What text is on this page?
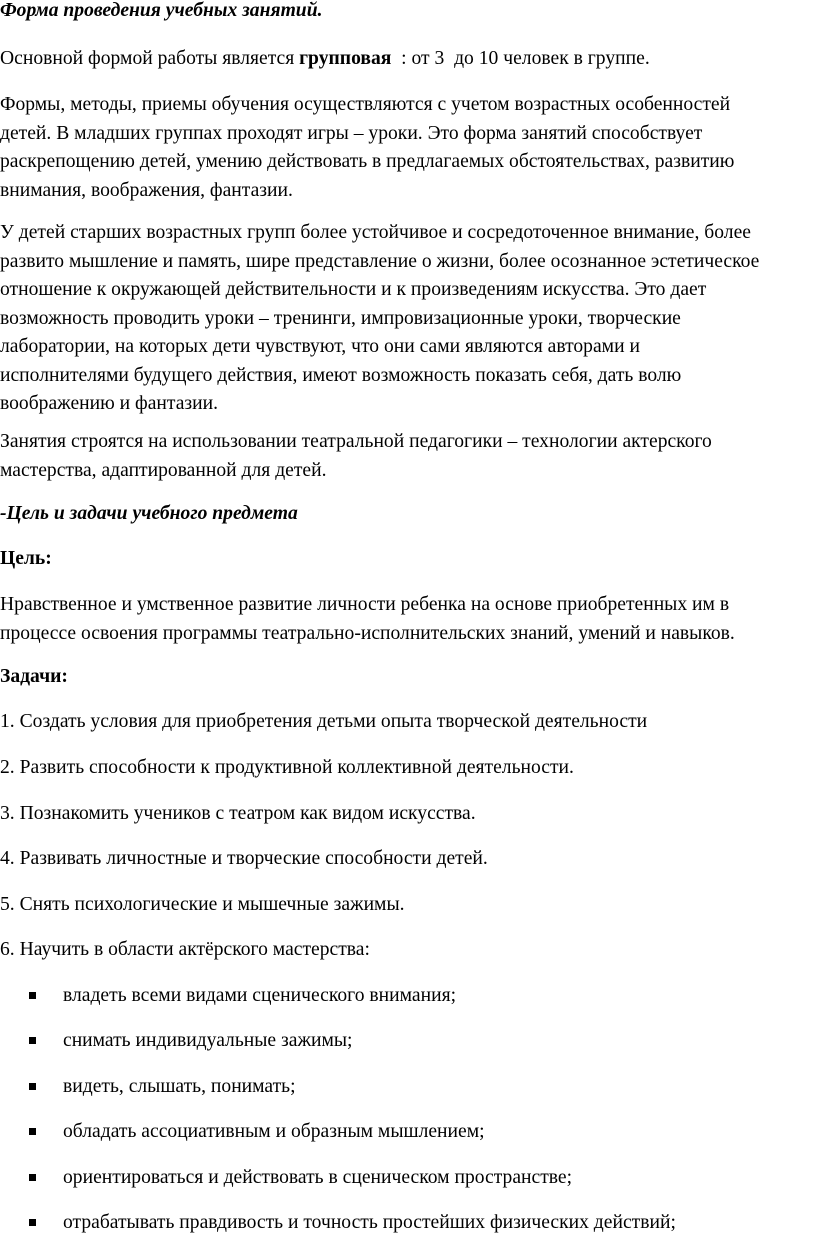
Форма проведения учебных занятий.

Основной формой работы является групповая  : от 3  до 10 человек в группе.

Формы, методы, приемы обучения осуществляются с учетом возрастных особенностей
детей. В младших группах проходят игры – уроки. Это форма занятий способствует
раскрепощению детей, умению действовать в предлагаемых обстоятельствах, развитию
внимания, воображения, фантазии.
У детей старших возрастных групп более устойчивое и сосредоточенное внимание, более
развито мышление и память, шире представление о жизни, более осознанное эстетическое
отношение к окружающей действительности и к произведениям искусства. Это дает
возможность проводить уроки – тренинги, импровизационные уроки, творческие
лаборатории, на которых дети чувствуют, что они сами являются авторами и
исполнителями будущего действия, имеют возможность показать себя, дать волю
воображению и фантазии.
Занятия строятся на использовании театральной педагогики – технологии актерского
мастерства, адаптированной для детей.

-Цель и задачи учебного предмета

Цель:

Нравственное и умственное развитие личности ребенка на основе приобретенных им в
процессе освоения программы театрально-исполнительских знаний, умений и навыков.

Задачи:

1. Создать условия для приобретения детьми опыта творческой деятельности

2. Развить способности к продуктивной коллективной деятельности.

3. Познакомить учеников с театром как видом искусства.

4. Развивать личностные и творческие способности детей.

5. Снять психологические и мышечные зажимы.

6. Научить в области актёрского мастерства:

владеть всеми видами сценического внимания;
снимать индивидуальные зажимы;
видеть, слышать, понимать;
обладать ассоциативным и образным мышлением;
ориентироваться и действовать в сценическом пространстве;
отрабатывать правдивость и точность простейших физических действий;
